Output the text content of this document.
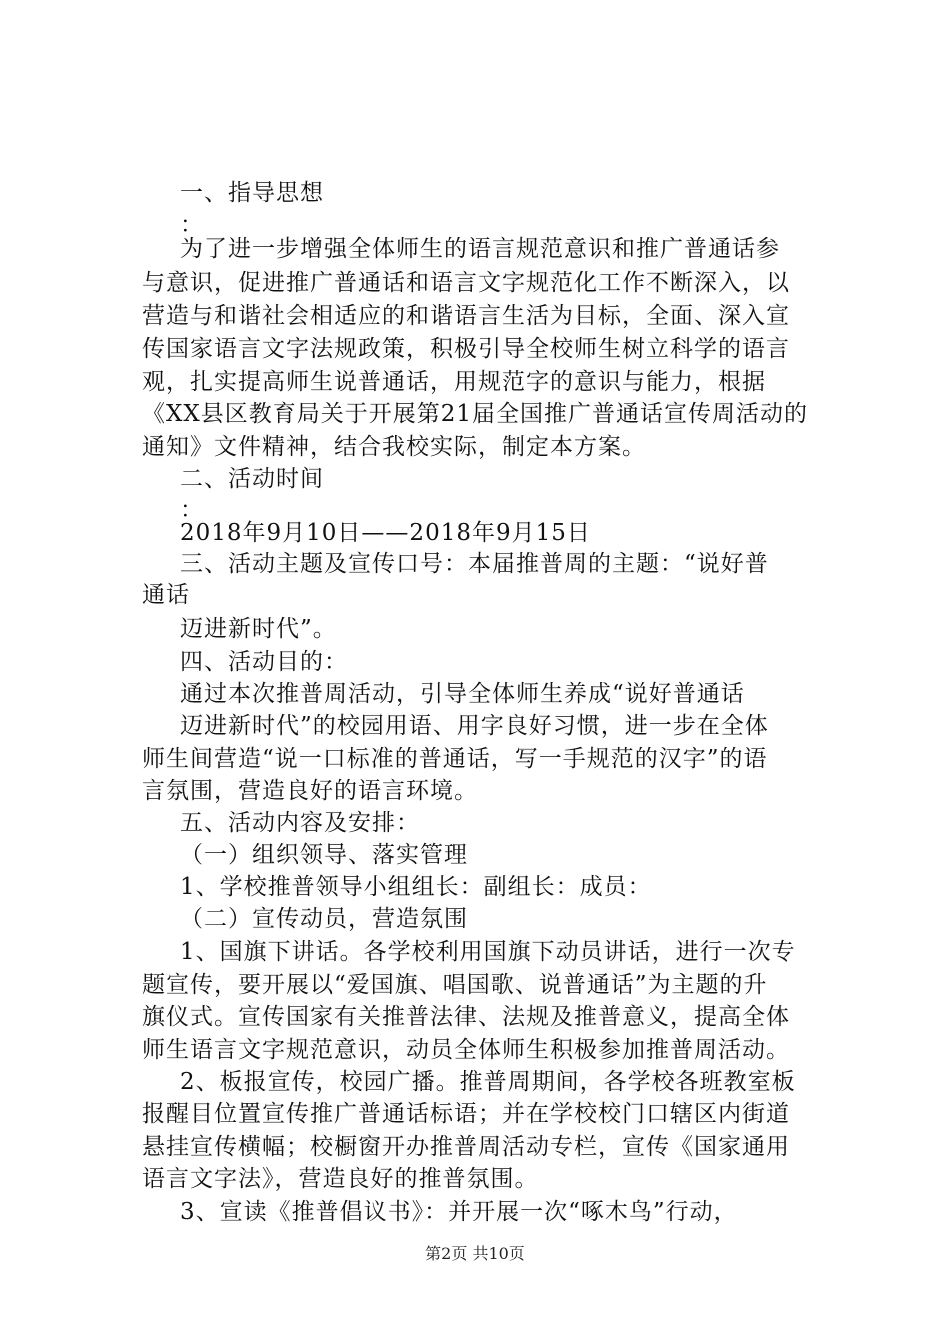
一、指导思想
：
为了进一步增强全体师生的语言规范意识和推广普通话参
与意识，促进推广普通话和语言文字规范化工作不断深入，以
营造与和谐社会相适应的和谐语言生活为目标，全面、深入宣
传国家语言文字法规政策，积极引导全校师生树立科学的语言
观，扎实提高师生说普通话，用规范字的意识与能力，根据
《XX县区教育局关于开展第21届全国推广普通话宣传周活动的
通知》文件精神，结合我校实际，制定本方案。
二、活动时间
：
2018年9月10日——2018年9月15日
三、活动主题及宣传口号：本届推普周的主题：“说好普
通话
迈进新时代”。
四、活动目的：
通过本次推普周活动，引导全体师生养成“说好普通话
迈进新时代”的校园用语、用字良好习惯，进一步在全体
师生间营造“说一口标准的普通话，写一手规范的汉字”的语
言氛围，营造良好的语言环境。
五、活动内容及安排：
（一）组织领导、落实管理
1、学校推普领导小组组长：副组长：成员：
（二）宣传动员，营造氛围
1、国旗下讲话。各学校利用国旗下动员讲话，进行一次专
题宣传，要开展以“爱国旗、唱国歌、说普通话”为主题的升
旗仪式。宣传国家有关推普法律、法规及推普意义，提高全体
师生语言文字规范意识，动员全体师生积极参加推普周活动。
2、板报宣传，校园广播。推普周期间，各学校各班教室板
报醒目位置宣传推广普通话标语；并在学校校门口辖区内街道
悬挂宣传横幅；校橱窗开办推普周活动专栏，宣传《国家通用
语言文字法》，营造良好的推普氛围。
3、宣读《推普倡议书》：并开展一次“啄木鸟”行动，
第2页 共10页
